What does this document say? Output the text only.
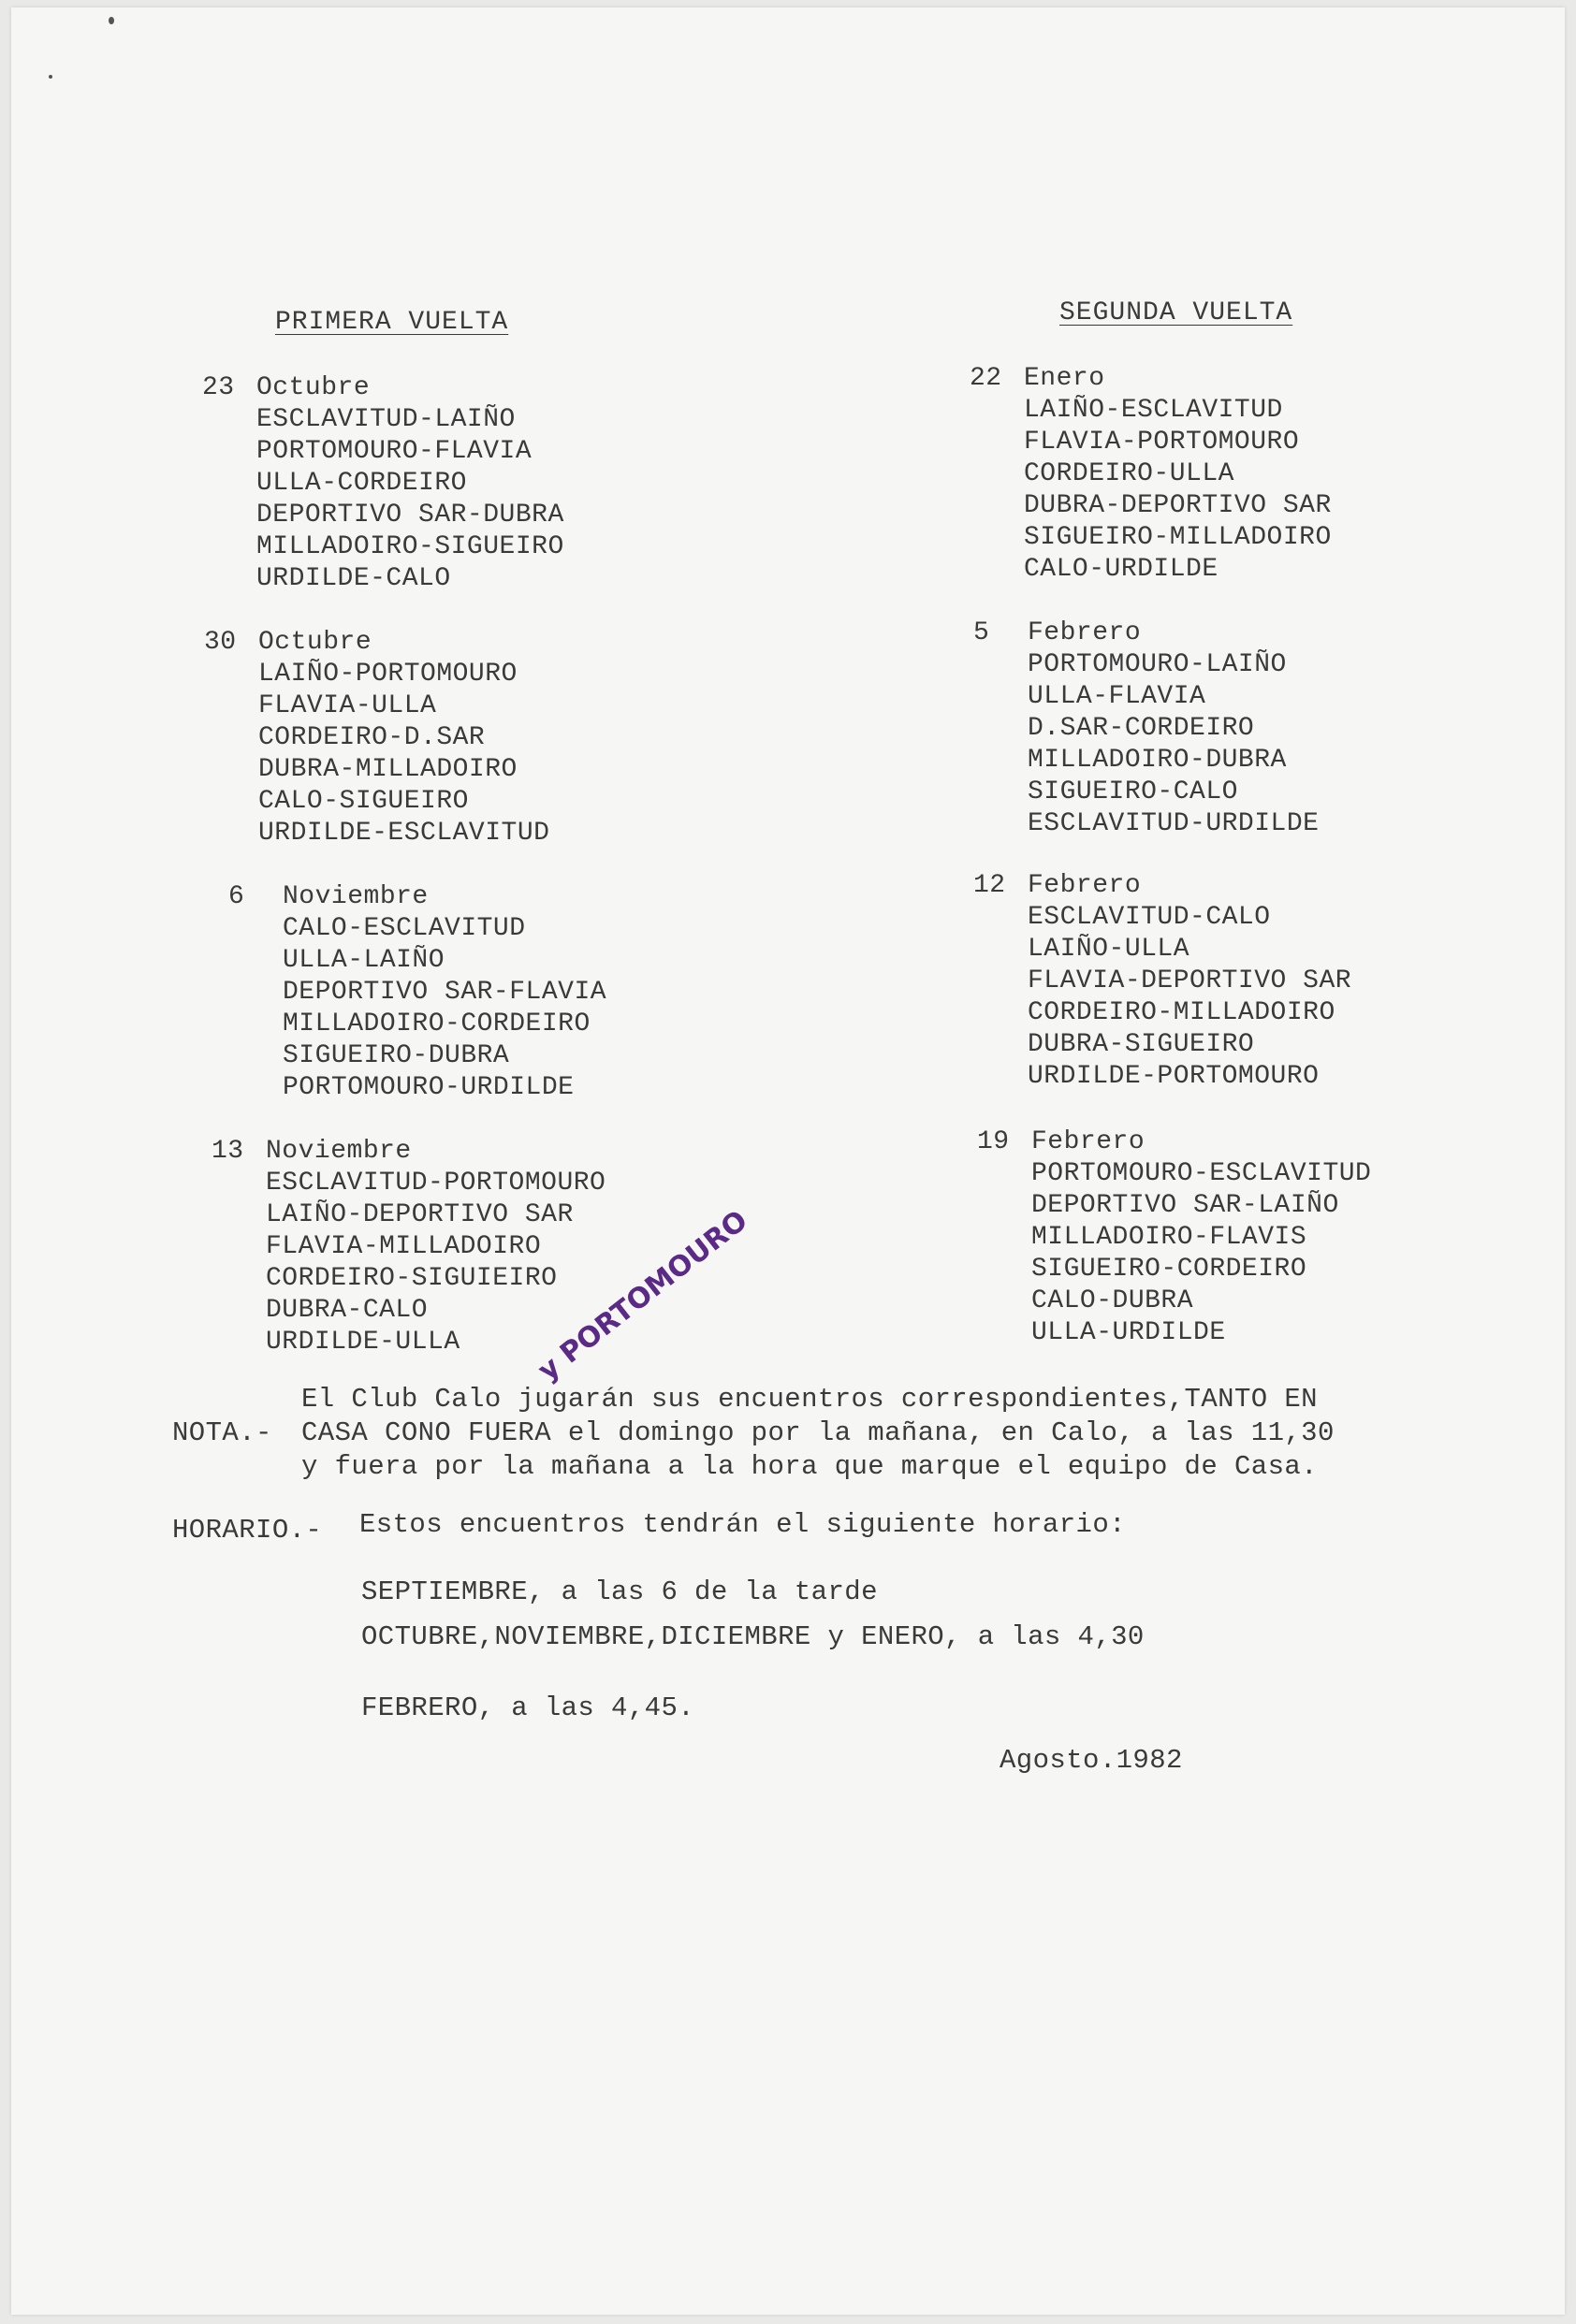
PRIMERA VUELTA	SEGUNDA VUELTA
23 Octubre
ESCLAVITUD-LAIÑO
PORTOMOURO-FLAVIA
ULLA-CORDEIRO
DEPORTIVO SAR-DUBRA
MILLADOIRO-SIGUEIRO
URDILDE-CALO
30 Octubre
LAIÑO-PORTOMOURO
FLAVIA-ULLA
CORDEIRO-D.SAR
DUBRA-MILLADOIRO
CALO-SIGUEIRO
URDILDE-ESCLAVITUD
6 Noviembre
CALO-ESCLAVITUD
ULLA-LAIÑO
DEPORTIVO SAR-FLAVIA
MILLADOIRO-CORDEIRO
SIGUEIRO-DUBRA
PORTOMOURO-URDILDE
13 Noviembre
ESCLAVITUD-PORTOMOURO
LAIÑO-DEPORTIVO SAR
FLAVIA-MILLADOIRO
CORDEIRO-SIGUIEIRO
DUBRA-CALO
URDILDE-ULLA
22 Enero
LAIÑO-ESCLAVITUD
FLAVIA-PORTOMOURO
CORDEIRO-ULLA
DUBRA-DEPORTIVO SAR
SIGUEIRO-MILLADOIRO
CALO-URDILDE
5 Febrero
PORTOMOURO-LAIÑO
ULLA-FLAVIA
D.SAR-CORDEIRO
MILLADOIRO-DUBRA
SIGUEIRO-CALO
ESCLAVITUD-URDILDE
12 Febrero
ESCLAVITUD-CALO
LAIÑO-ULLA
FLAVIA-DEPORTIVO SAR
CORDEIRO-MILLADOIRO
DUBRA-SIGUEIRO
URDILDE-PORTOMOURO
19 Febrero
PORTOMOURO-ESCLAVITUD
DEPORTIVO SAR-LAIÑO
MILLADOIRO-FLAVIS
SIGUEIRO-CORDEIRO
CALO-DUBRA
ULLA-URDILDE
y PORTOMOURO
El Club Calo jugarán sus encuentros correspondientes,TANTO EN
NOTA.- CASA CONO FUERA el domingo por la mañana, en Calo, a las 11,30
y fuera por la mañana a la hora que marque el equipo de Casa.
HORARIO.- Estos encuentros tendrán el siguiente horario:
SEPTIEMBRE, a las 6 de la tarde
OCTUBRE,NOVIEMBRE,DICIEMBRE y ENERO, a las 4,30
FEBRERO, a las 4,45.
Agosto.1982
